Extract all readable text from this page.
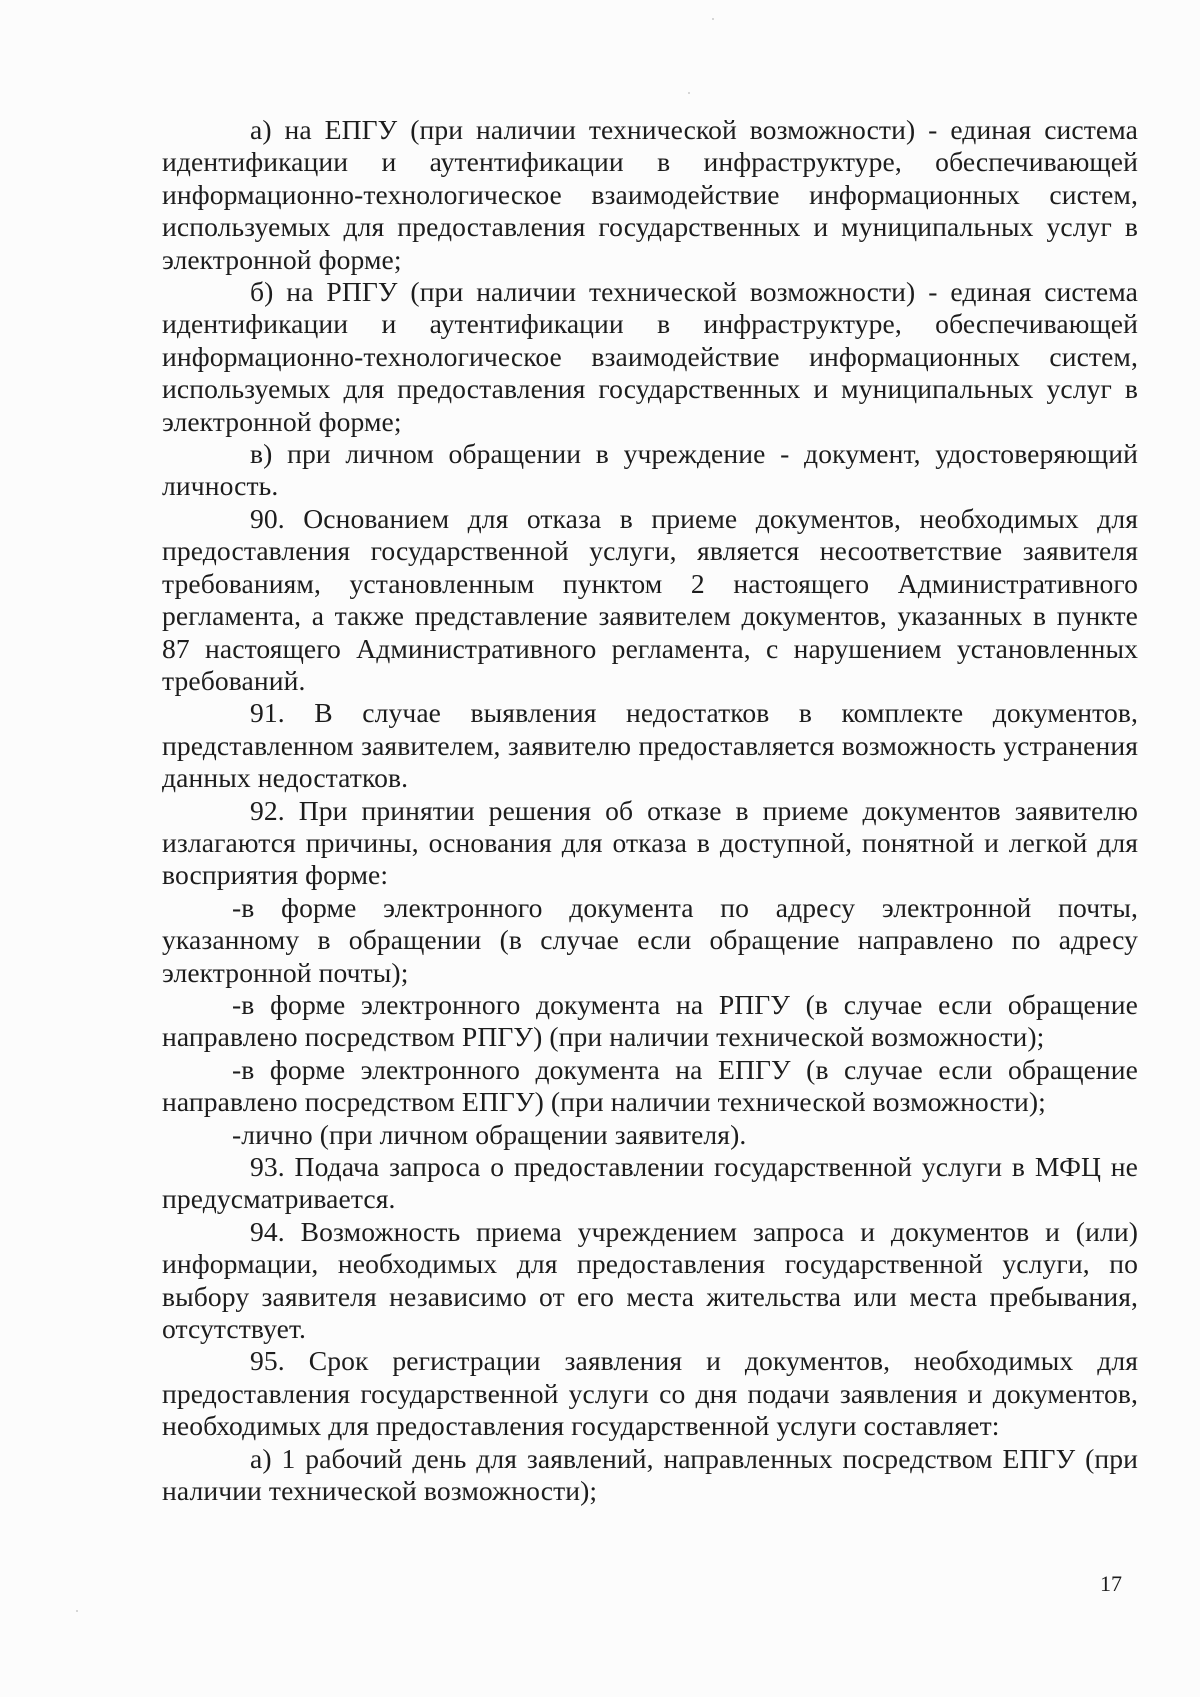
а) на ЕПГУ (при наличии технической возможности) - единая система идентификации и аутентификации в инфраструктуре, обеспечивающей информационно-технологическое взаимодействие информационных систем, используемых для предоставления государственных и муниципальных услуг в электронной форме;

б) на РПГУ (при наличии технической возможности) - единая система идентификации и аутентификации в инфраструктуре, обеспечивающей информационно-технологическое взаимодействие информационных систем, используемых для предоставления государственных и муниципальных услуг в электронной форме;

в) при личном обращении в учреждение - документ, удостоверяющий личность.

90. Основанием для отказа в приеме документов, необходимых для предоставления государственной услуги, является несоответствие заявителя требованиям, установленным пунктом 2 настоящего Административного регламента, а также представление заявителем документов, указанных в пункте 87 настоящего Административного регламента, с нарушением установленных требований.

91. В случае выявления недостатков в комплекте документов, представленном заявителем, заявителю предоставляется возможность устранения данных недостатков.

92. При принятии решения об отказе в приеме документов заявителю излагаются причины, основания для отказа в доступной, понятной и легкой для восприятия форме:

-в форме электронного документа по адресу электронной почты, указанному в обращении (в случае если обращение направлено по адресу электронной почты);

-в форме электронного документа на РПГУ (в случае если обращение направлено посредством РПГУ) (при наличии технической возможности);

-в форме электронного документа на ЕПГУ (в случае если обращение направлено посредством ЕПГУ) (при наличии технической возможности);

-лично (при личном обращении заявителя).

93. Подача запроса о предоставлении государственной услуги в МФЦ не предусматривается.

94. Возможность приема учреждением запроса и документов и (или) информации, необходимых для предоставления государственной услуги, по выбору заявителя независимо от его места жительства или места пребывания, отсутствует.

95. Срок регистрации заявления и документов, необходимых для предоставления государственной услуги со дня подачи заявления и документов, необходимых для предоставления государственной услуги составляет:

а) 1 рабочий день для заявлений, направленных посредством ЕПГУ (при наличии технической возможности);

17
